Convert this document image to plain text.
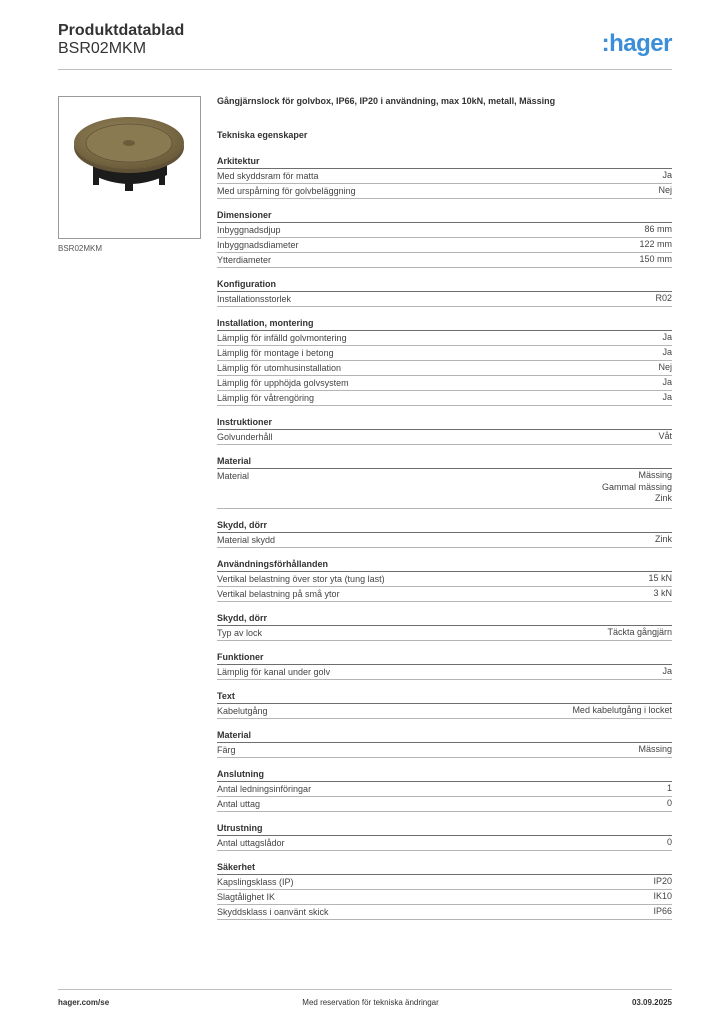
Produktdatablad
BSR02MKM	:hager
BSR02MKM
Gångjärnslock för golvbox, IP66, IP20 i användning, max 10kN, metall, Mässing
Tekniska egenskaper
Arkitektur
Med skyddsram för matta	Ja
Med urspårning för golvbeläggning	Nej
Dimensioner
Inbyggnadsdjup	86 mm
Inbyggnadsdiameter	122 mm
Ytterdiameter	150 mm
Konfiguration
Installationsstorlek	R02
Installation, montering
Lämplig för infälld golvmontering	Ja
Lämplig för montage i betong	Ja
Lämplig för utomhusinstallation	Nej
Lämplig för upphöjda golvsystem	Ja
Lämplig för våtrengöring	Ja
Instruktioner
Golvunderhåll	Våt
Material
Material	Mässing
Gammal mässing
Zink
Skydd, dörr
Material skydd	Zink
Användningsförhållanden
Vertikal belastning över stor yta (tung last)	15 kN
Vertikal belastning på små ytor	3 kN
Skydd, dörr
Typ av lock	Täckta gångjärn
Funktioner
Lämplig för kanal under golv	Ja
Text
Kabelutgång	Med kabelutgång i locket
Material
Färg	Mässing
Anslutning
Antal ledningsinföringar	1
Antal uttag	0
Utrustning
Antal uttagslådor	0
Säkerhet
Kapslingsklass (IP)	IP20
Slagtålighet IK	IK10
Skyddsklass i oanvänt skick	IP66
hager.com/se	Med reservation för tekniska ändringar	03.09.2025
